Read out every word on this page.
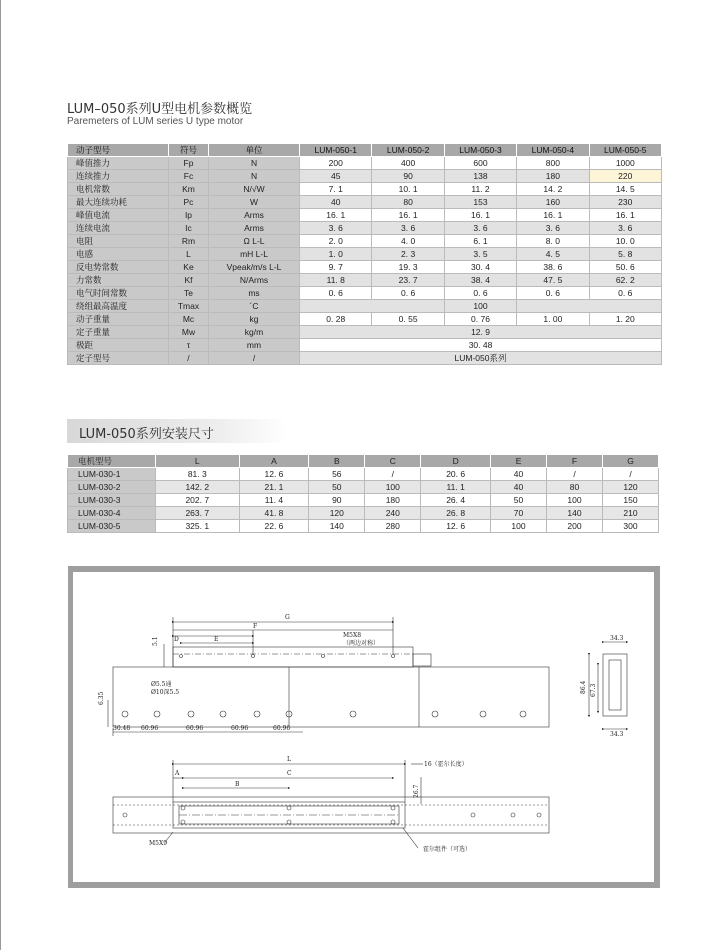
LUM–050系列U型电机参数概览
Paremeters of LUM series U type motor
动子型号	符号	单位	LUM-050-1	LUM-050-2	LUM-050-3	LUM-050-4	LUM-050-5
峰值推力	Fp	N	200	400	600	800	1000
连续推力	Fc	N	45	90	138	180	220
电机常数	Km	N/√W	7. 1	10. 1	11. 2	14. 2	14. 5
最大连续功耗	Pc	W	40	80	153	160	230
峰值电流	Ip	Arms	16. 1	16. 1	16. 1	16. 1	16. 1
连续电流	Ic	Arms	3. 6	3. 6	3. 6	3. 6	3. 6
电阻	Rm	Ω L-L	2. 0	4. 0	6. 1	8. 0	10. 0
电感	L	mH L-L	1. 0	2. 3	3. 5	4. 5	5. 8
反电势常数	Ke	Vpeak/m/s L-L	9. 7	19. 3	30. 4	38. 6	50. 6
力常数	Kf	N/Arms	11. 8	23. 7	38. 4	47. 5	62. 2
电气时间常数	Te	ms	0. 6	0. 6	0. 6	0. 6	0. 6
绕组最高温度	Tmax	´C			100		
动子重量	Mc	kg	0. 28	0. 55	0. 76	1. 00	1. 20
定子重量	Mw	kg/m	12. 9				
极距	τ	mm	30. 48				
定子型号	/	/	LUM-050系列				
LUM-050系列安装尺寸
电机型号	L	A	B	C	D	E	F	G
LUM-030-1	81. 3	12. 6	56	/	20. 6	40	/	/
LUM-030-2	142. 2	21. 1	50	100	11. 1	40	80	120
LUM-030-3	202. 7	11. 4	90	180	26. 4	50	100	150
LUM-030-4	263. 7	41. 8	120	240	26. 8	70	140	210
LUM-030-5	325. 1	22. 6	140	280	12. 6	100	200	300
G
F
E
D
5.1
M5X8
（两边对称）
Ø5.5通
Ø10深5.5
6.35
30.48 60.96	60.96	60.96	60.96
34.3
34.3
86.4 67.3
L
C
A
B
16（霍尔长度）
26.7
M5X9
霍尔组件（可选）
